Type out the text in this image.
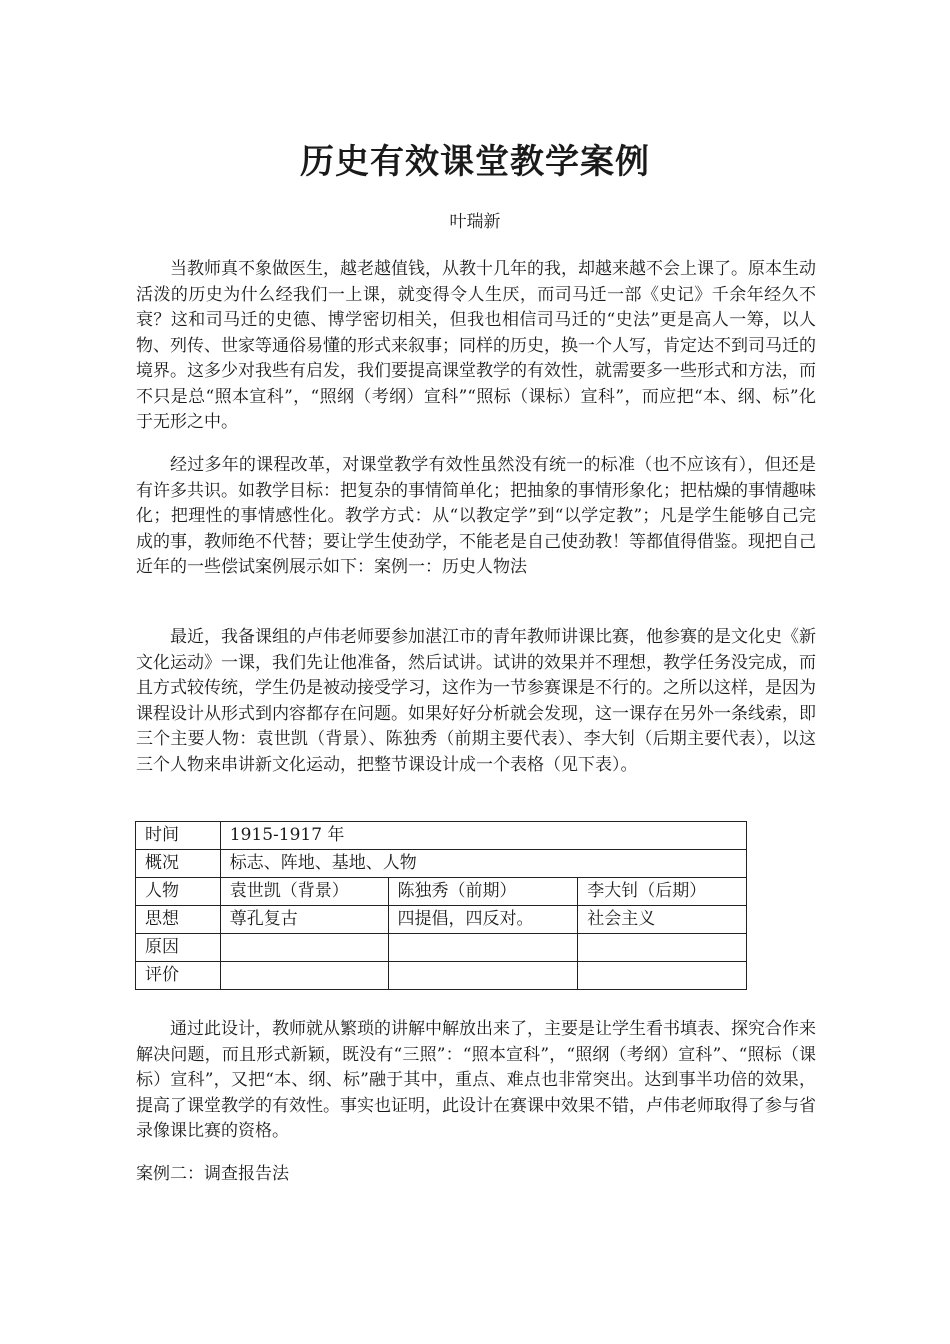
历史有效课堂教学案例
叶瑞新

当教师真不象做医生，越老越值钱，从教十几年的我，却越来越不会上课了。原本生动活泼的历史为什么经我们一上课，就变得令人生厌，而司马迁一部《史记》千余年经久不衰？这和司马迁的史德、博学密切相关，但我也相信司马迁的“史法”更是高人一筹，以人物、列传、世家等通俗易懂的形式来叙事；同样的历史，换一个人写，肯定达不到司马迁的境界。这多少对我些有启发，我们要提高课堂教学的有效性，就需要多一些形式和方法，而不只是总“照本宣科”，“照纲（考纲）宣科”“照标（课标）宣科”，而应把“本、纲、标”化于无形之中。

经过多年的课程改革，对课堂教学有效性虽然没有统一的标准（也不应该有），但还是有许多共识。如教学目标：把复杂的事情简单化；把抽象的事情形象化；把枯燥的事情趣味化；把理性的事情感性化。教学方式：从“以教定学”到“以学定教”；凡是学生能够自己完成的事，教师绝不代替；要让学生使劲学，不能老是自己使劲教！等都值得借鉴。现把自己近年的一些偿试案例展示如下：案例一：历史人物法

最近，我备课组的卢伟老师要参加湛江市的青年教师讲课比赛，他参赛的是文化史《新文化运动》一课，我们先让他准备，然后试讲。试讲的效果并不理想，教学任务没完成，而且方式较传统，学生仍是被动接受学习，这作为一节参赛课是不行的。之所以这样，是因为课程设计从形式到内容都存在问题。如果好好分析就会发现，这一课存在另外一条线索，即三个主要人物：袁世凯（背景）、陈独秀（前期主要代表）、李大钊（后期主要代表），以这三个人物来串讲新文化运动，把整节课设计成一个表格（见下表）。

时间	1915-1917 年		
概况	标志、阵地、基地、人物		
人物	袁世凯（背景）	陈独秀（前期）	李大钊（后期）
思想	尊孔复古	四提倡，四反对。	社会主义
原因			
评价			

通过此设计，教师就从繁琐的讲解中解放出来了，主要是让学生看书填表、探究合作来解决问题，而且形式新颖，既没有“三照”：“照本宣科”，“照纲（考纲）宣科”、“照标（课标）宣科”，又把“本、纲、标”融于其中，重点、难点也非常突出。达到事半功倍的效果，提高了课堂教学的有效性。事实也证明，此设计在赛课中效果不错，卢伟老师取得了参与省录像课比赛的资格。

案例二：调查报告法
